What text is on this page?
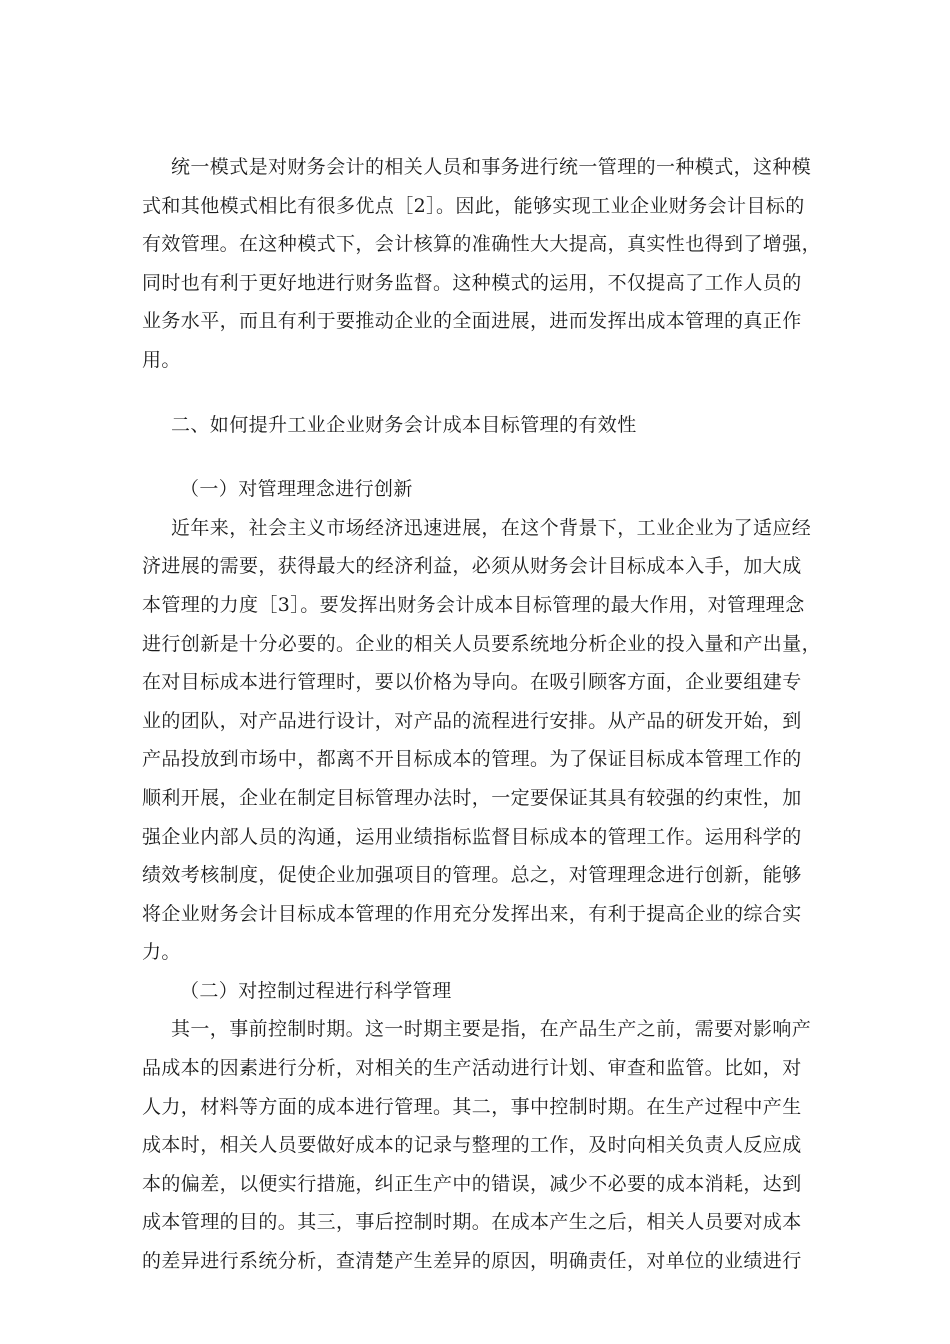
统一模式是对财务会计的相关人员和事务进行统一管理的一种模式，这种模
式和其他模式相比有很多优点［2］。因此，能够实现工业企业财务会计目标的
有效管理。在这种模式下，会计核算的准确性大大提高，真实性也得到了增强，
同时也有利于更好地进行财务监督。这种模式的运用，不仅提高了工作人员的
业务水平，而且有利于要推动企业的全面进展，进而发挥出成本管理的真正作
用。
二、如何提升工业企业财务会计成本目标管理的有效性
（一）对管理理念进行创新
近年来，社会主义市场经济迅速进展，在这个背景下，工业企业为了适应经
济进展的需要，获得最大的经济利益，必须从财务会计目标成本入手，加大成
本管理的力度［3］。要发挥出财务会计成本目标管理的最大作用，对管理理念
进行创新是十分必要的。企业的相关人员要系统地分析企业的投入量和产出量，
在对目标成本进行管理时，要以价格为导向。在吸引顾客方面，企业要组建专
业的团队，对产品进行设计，对产品的流程进行安排。从产品的研发开始，到
产品投放到市场中，都离不开目标成本的管理。为了保证目标成本管理工作的
顺利开展，企业在制定目标管理办法时，一定要保证其具有较强的约束性，加
强企业内部人员的沟通，运用业绩指标监督目标成本的管理工作。运用科学的
绩效考核制度，促使企业加强项目的管理。总之，对管理理念进行创新，能够
将企业财务会计目标成本管理的作用充分发挥出来，有利于提高企业的综合实
力。
（二）对控制过程进行科学管理
其一，事前控制时期。这一时期主要是指，在产品生产之前，需要对影响产
品成本的因素进行分析，对相关的生产活动进行计划、审查和监管。比如，对
人力，材料等方面的成本进行管理。其二，事中控制时期。在生产过程中产生
成本时，相关人员要做好成本的记录与整理的工作，及时向相关负责人反应成
本的偏差，以便实行措施，纠正生产中的错误，减少不必要的成本消耗，达到
成本管理的目的。其三，事后控制时期。在成本产生之后，相关人员要对成本
的差异进行系统分析，查清楚产生差异的原因，明确责任，对单位的业绩进行
